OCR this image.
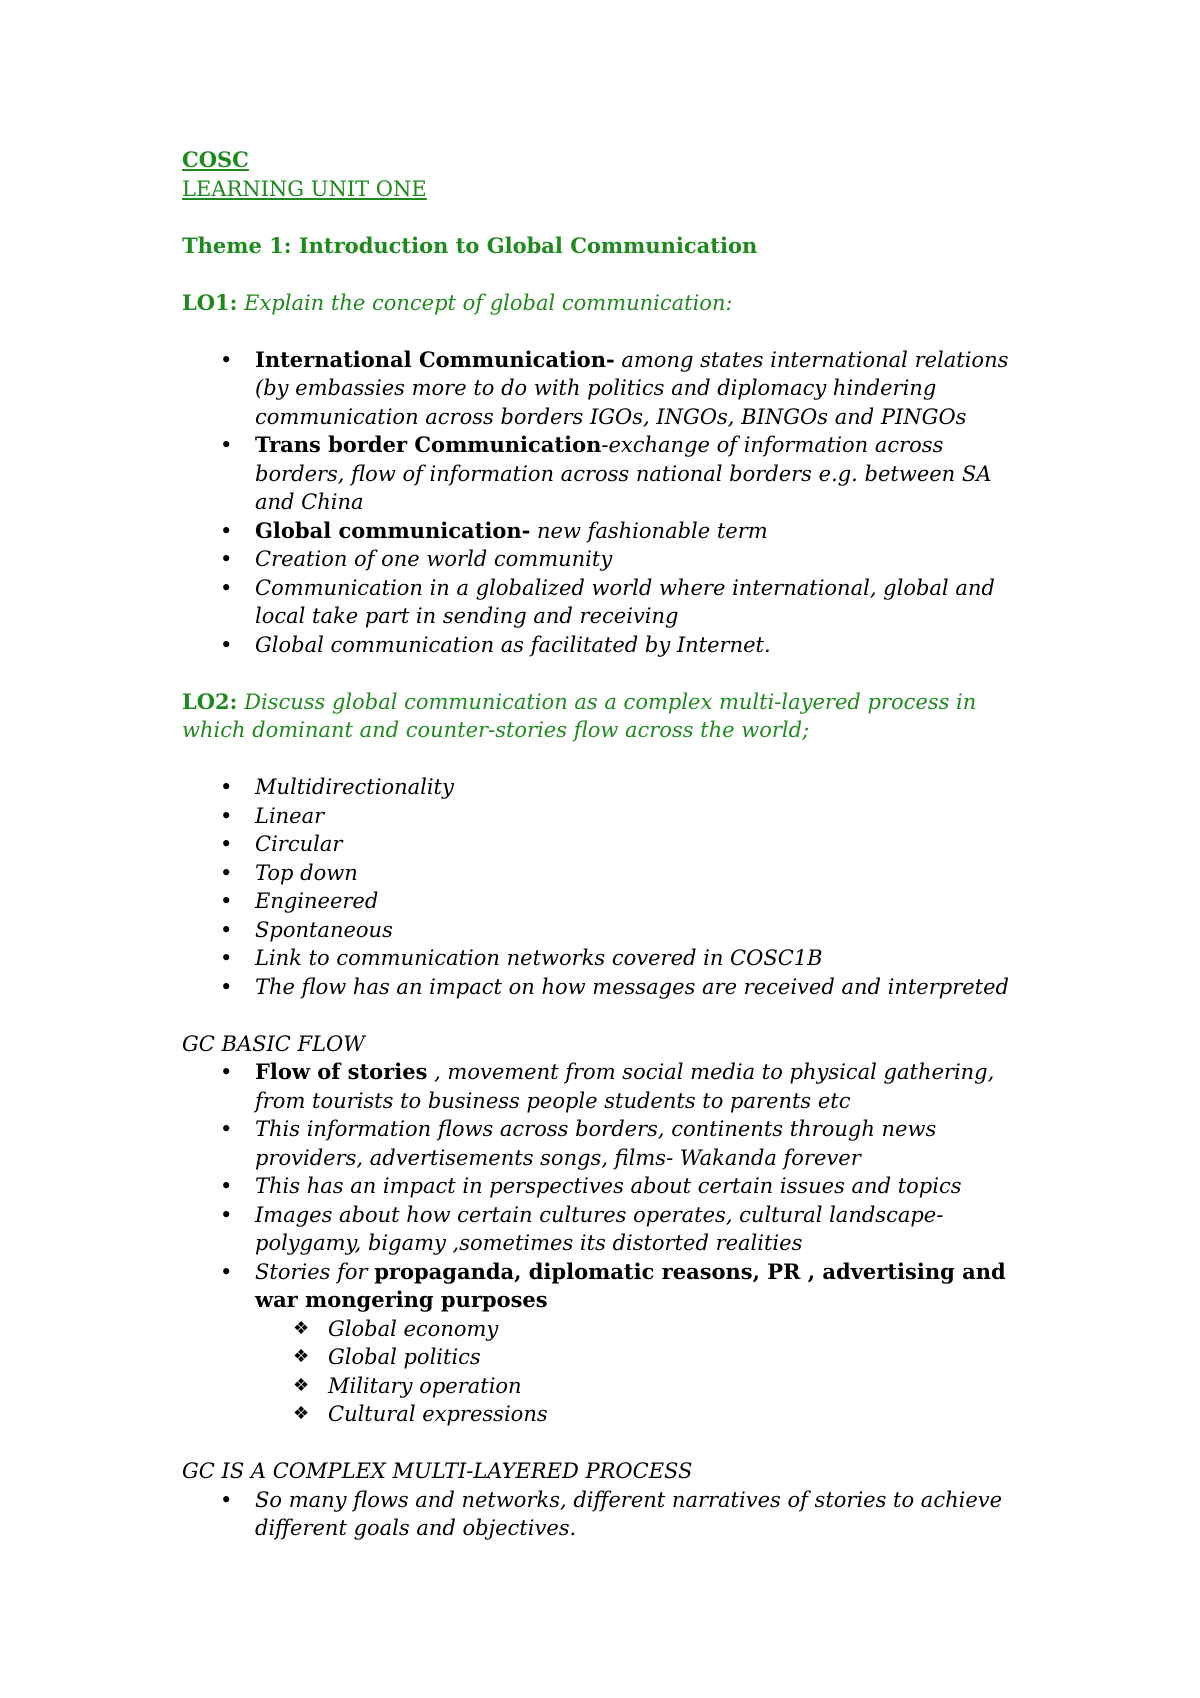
COSC
LEARNING UNIT ONE
Theme 1: Introduction to Global Communication
LO1: Explain the concept of global communication:
• International Communication- among states international relations (by embassies more to do with politics and diplomacy hindering communication across borders IGOs, INGOs, BINGOs and PINGOs
• Trans border Communication-exchange of information across borders, flow of information across national borders e.g. between SA and China
• Global communication- new fashionable term
• Creation of one world community
• Communication in a globalized world where international, global and local take part in sending and receiving
• Global communication as facilitated by Internet.
LO2: Discuss global communication as a complex multi-layered process in which dominant and counter-stories flow across the world;
• Multidirectionality
• Linear
• Circular
• Top down
• Engineered
• Spontaneous
• Link to communication networks covered in COSC1B
• The flow has an impact on how messages are received and interpreted
GC BASIC FLOW
• Flow of stories , movement from social media to physical gathering, from tourists to business people students to parents etc
• This information flows across borders, continents through news providers, advertisements songs, films- Wakanda forever
• This has an impact in perspectives about certain issues and topics
• Images about how certain cultures operates, cultural landscape-polygamy, bigamy ,sometimes its distorted realities
• Stories for propaganda, diplomatic reasons, PR , advertising and war mongering purposes
❖ Global economy
❖ Global politics
❖ Military operation
❖ Cultural expressions
GC IS A COMPLEX MULTI-LAYERED PROCESS
• So many flows and networks, different narratives of stories to achieve different goals and objectives.
